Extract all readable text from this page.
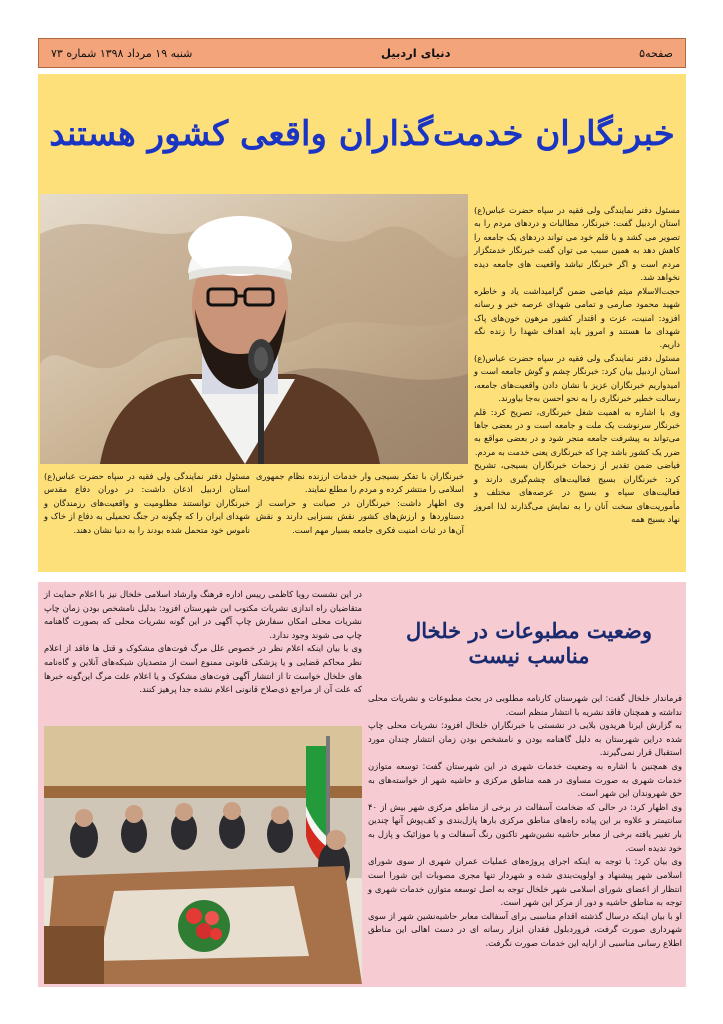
صفحه۵
دنیای اردبیل
شنبه ۱۹ مرداد ۱۳۹۸ شماره ۷۳
خبرنگاران خدمت‌گذاران واقعی کشور هستند

مسئول دفتر نمایندگی ولی فقیه در سپاه حضرت عباس(ع) استان اردبیل گفت: خبرنگار، مطالبات و دردهای مردم را به تصویر می کشد و با قلم خود می تواند دردهای یک جامعه را کاهش دهد به همین سبب می توان گفت خبرنگار خدمتگزار مردم است و اگر خبرنگار نباشد واقعیت های جامعه دیده نخواهد شد.

حجت‌الاسلام میثم فیاضی ضمن گرامیداشت یاد و خاطره شهید محمود صارمی و تمامی شهدای عرصه خبر و رسانه افزود: امنیت، عزت و اقتدار کشور مرهون خون‌های پاک شهدای ما هستند و امروز باید اهداف شهدا را زنده نگه داریم.

مسئول دفتر نمایندگی ولی فقیه در سپاه حضرت عباس(ع) استان اردبیل بیان کرد: خبرنگار چشم و گوش جامعه است و امیدواریم خبرنگاران عزیز با نشان دادن واقعیت‌های جامعه، رسالت خطیر خبرنگاری را به نحو احسن به‌جا بیاورند.

وی با اشاره به اهمیت شغل خبرنگاری، تصریح کرد: قلم خبرنگار سرنوشت یک ملت و جامعه است و در بعضی جاها می‌تواند به پیشرفت جامعه منجر شود و در بعضی مواقع به ضرر یک کشور باشد چرا که خبرنگاری یعنی خدمت به مردم.

فیاضی ضمن تقدیر از زحمات خبرنگاران بسیجی، تشریح کرد: خبرنگاران بسیج فعالیت‌های چشم‌گیری دارند و فعالیت‌های سپاه و بسیج در عرصه‌های مختلف و مأموریت‌های سخت آنان را به نمایش می‌گذارند لذا امروز نهاد بسیج همه

خبرنگاران با تفکر بسیجی وار خدمات ارزنده نظام جمهوری اسلامی را منتشر کرده و مردم را مطلع نمایند.

وی اظهار داشت: خبرنگاران در صیانت و حراست از دستاوردها و ارزش‌های کشور نقش بسزایی دارند و نقش آن‌ها در ثبات امنیت فکری جامعه بسیار مهم است.

مسئول دفتر نمایندگی ولی فقیه در سپاه حضرت عباس(ع) استان اردبیل اذعان داشت: در دوران دفاع مقدس خبرنگاران توانستند مظلومیت و واقعیت‌های رزمندگان و شهدای ایران را که چگونه در جنگ تحمیلی به دفاع از خاک و ناموس خود متحمل شده بودند را به دنیا نشان دهند.

در این نشست رویا کاظمی رییس اداره فرهنگ وارشاد اسلامی خلخال نیز با اعلام حمایت از متقاضیان راه اندازی نشریات مکتوب این شهرستان افزود: بدلیل نامشخص بودن زمان چاپ نشریات محلی امکان سفارش چاپ آگهی در این گونه نشریات محلی که بصورت گاهنامه چاپ می شوند وجود ندارد.

وی با بیان اینکه اعلام نظر در خصوص علل مرگ فوت‌های مشکوک و قتل ها فاقد از اعلام نظر محاکم قضایی و یا پزشکی قانونی ممنوع است از متصدیان شبکه‌های آنلاین و گاه‌نامه های خلخال خواست تا از انتشار آگهی فوت‌های مشکوک و یا اعلام علت مرگ این‌گونه خبرها که علت آن از مراجع ذی‌صلاح قانونی اعلام نشده جدا پرهیز کنند.

وضعیت مطبوعات در خلخال مناسب نیست

فرماندار خلخال گفت: این شهرستان کارنامه مطلوبی در بحث مطبوعات و نشریات محلی نداشته و همچنان فاقد نشریه با انتشار منظم است.

به گزارش ایرنا هریدون بلایی در نشستی با خبرنگاران خلخال افزود: نشریات محلی چاپ شده دراین شهرستان به دلیل گاهنامه بودن و نامشخص بودن زمان انتشار چندان مورد استقبال قرار نمی‌گیرند.

وی همچنین با اشاره به وضعیت خدمات شهری در این شهرستان گفت: توسعه متوازن خدمات شهری به صورت مساوی در همه مناطق مرکزی و حاشیه شهر از خواسته‌های به حق شهروندان این شهر است.

وی اظهار کرد: در حالی که ضخامت آسفالت در برخی از مناطق مرکزی شهر بیش از ۴۰ سانتیمتر و علاوه بر این پیاده راه‌های مناطق مرکزی بارها پازل‌بندی و کف‌پوش آنها چندین بار تغییر یافته برخی از معابر حاشیه نشین‌شهر تاکنون رنگ آسفالت و یا موزائیک و پازل به خود ندیده است.

وی بیان کرد: با توجه به اینکه اجرای پروژه‌های عملیات عمران شهری از سوی شورای اسلامی شهر پیشنهاد و اولویت‌بندی شده و شهردار تنها مجری مصوبات این شورا است انتظار از اعضای شورای اسلامی شهر خلخال توجه به اصل توسعه متوازن خدمات شهری و توجه به مناطق حاشیه و دور از مرکز این شهر است.

او با بیان اینکه درسال گذشته اقدام مناسبی برای آسفالت معابر حاشیه‌نشین شهر از سوی شهرداری صورت گرفت، فروردبلول فقدان ابزار رسانه ای در دست اهالی این مناطق اطلاع رسانی مناسبی از ارایه این خدمات صورت نگرفت.
